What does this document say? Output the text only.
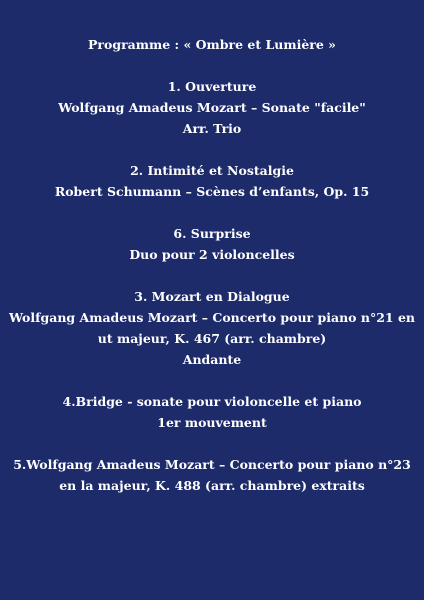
Programme : « Ombre et Lumière »
1. Ouverture
Wolfgang Amadeus Mozart – Sonate "facile"
Arr. Trio
2. Intimité et Nostalgie
Robert Schumann – Scènes d’enfants, Op. 15
6. Surprise
Duo pour 2 violoncelles
3. Mozart en Dialogue
Wolfgang Amadeus Mozart – Concerto pour piano n°21 en ut majeur, K. 467 (arr. chambre)
Andante
4.Bridge - sonate pour violoncelle et piano
1er mouvement
5.Wolfgang Amadeus Mozart – Concerto pour piano n°23 en la majeur, K. 488 (arr. chambre) extraits
